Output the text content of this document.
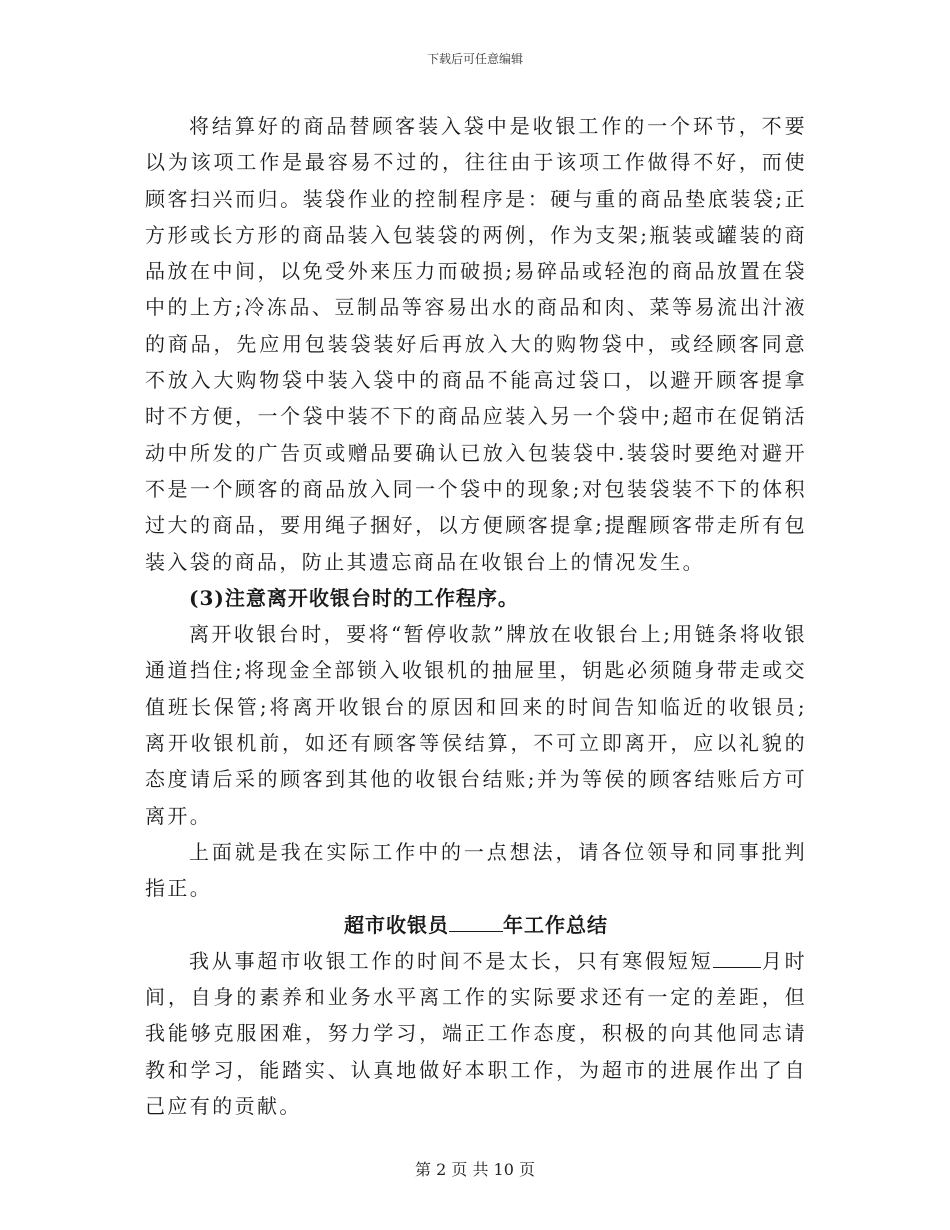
下载后可任意编辑

将结算好的商品替顾客装入袋中是收银工作的一个环节，不要以为该项工作是最容易不过的，往往由于该项工作做得不好，而使顾客扫兴而归。装袋作业的控制程序是：硬与重的商品垫底装袋;正方形或长方形的商品装入包装袋的两例，作为支架;瓶装或罐装的商品放在中间，以免受外来压力而破损;易碎品或轻泡的商品放置在袋中的上方;冷冻品、豆制品等容易出水的商品和肉、菜等易流出汁液的商品，先应用包装袋装好后再放入大的购物袋中，或经顾客同意不放入大购物袋中装入袋中的商品不能高过袋口，以避开顾客提拿时不方便，一个袋中装不下的商品应装入另一个袋中;超市在促销活动中所发的广告页或赠品要确认已放入包装袋中.装袋时要绝对避开不是一个顾客的商品放入同一个袋中的现象;对包装袋装不下的体积过大的商品，要用绳子捆好，以方便顾客提拿;提醒顾客带走所有包装入袋的商品，防止其遗忘商品在收银台上的情况发生。

(3)注意离开收银台时的工作程序。

离开收银台时，要将“暂停收款”牌放在收银台上;用链条将收银通道挡住;将现金全部锁入收银机的抽屉里，钥匙必须随身带走或交值班长保管;将离开收银台的原因和回来的时间告知临近的收银员;离开收银机前，如还有顾客等侯结算，不可立即离开，应以礼貌的态度请后采的顾客到其他的收银台结账;并为等侯的顾客结账后方可离开。

上面就是我在实际工作中的一点想法，请各位领导和同事批判指正。

超市收银员	年工作总结

我从事超市收银工作的时间不是太长，只有寒假短短 月时间，自身的素养和业务水平离工作的实际要求还有一定的差距，但我能够克服困难，努力学习，端正工作态度，积极的向其他同志请教和学习，能踏实、认真地做好本职工作，为超市的进展作出了自己应有的贡献。

第 2 页 共 10 页
